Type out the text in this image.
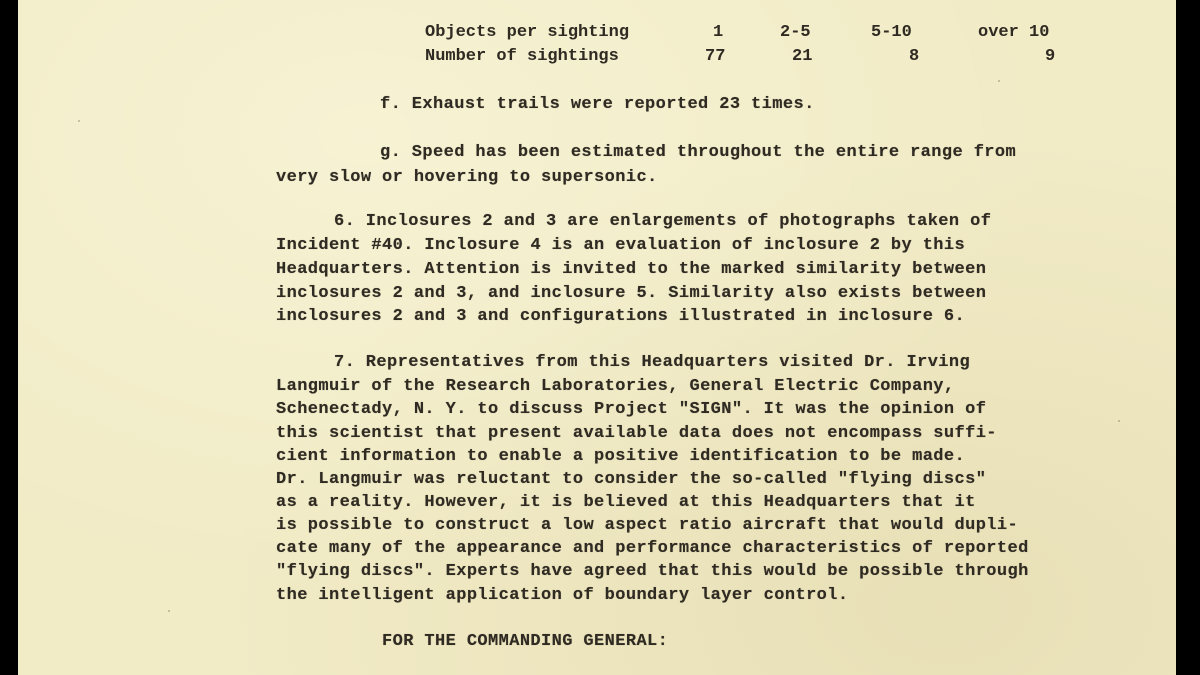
Objects per sighting	1	2-5	5-10	over 10
Number of sightings	77	21	8	9
f. Exhaust trails were reported 23 times.
g. Speed has been estimated throughout the entire range from
very slow or hovering to supersonic.
6. Inclosures 2 and 3 are enlargements of photographs taken of
Incident #40. Inclosure 4 is an evaluation of inclosure 2 by this
Headquarters. Attention is invited to the marked similarity between
inclosures 2 and 3, and inclosure 5. Similarity also exists between
inclosures 2 and 3 and configurations illustrated in inclosure 6.
7. Representatives from this Headquarters visited Dr. Irving
Langmuir of the Research Laboratories, General Electric Company,
Schenectady, N. Y. to discuss Project "SIGN". It was the opinion of
this scientist that present available data does not encompass suffi-
cient information to enable a positive identification to be made.
Dr. Langmuir was reluctant to consider the so-called "flying discs"
as a reality. However, it is believed at this Headquarters that it
is possible to construct a low aspect ratio aircraft that would dupli-
cate many of the appearance and performance characteristics of reported
"flying discs". Experts have agreed that this would be possible through
the intelligent application of boundary layer control.
FOR THE COMMANDING GENERAL:
